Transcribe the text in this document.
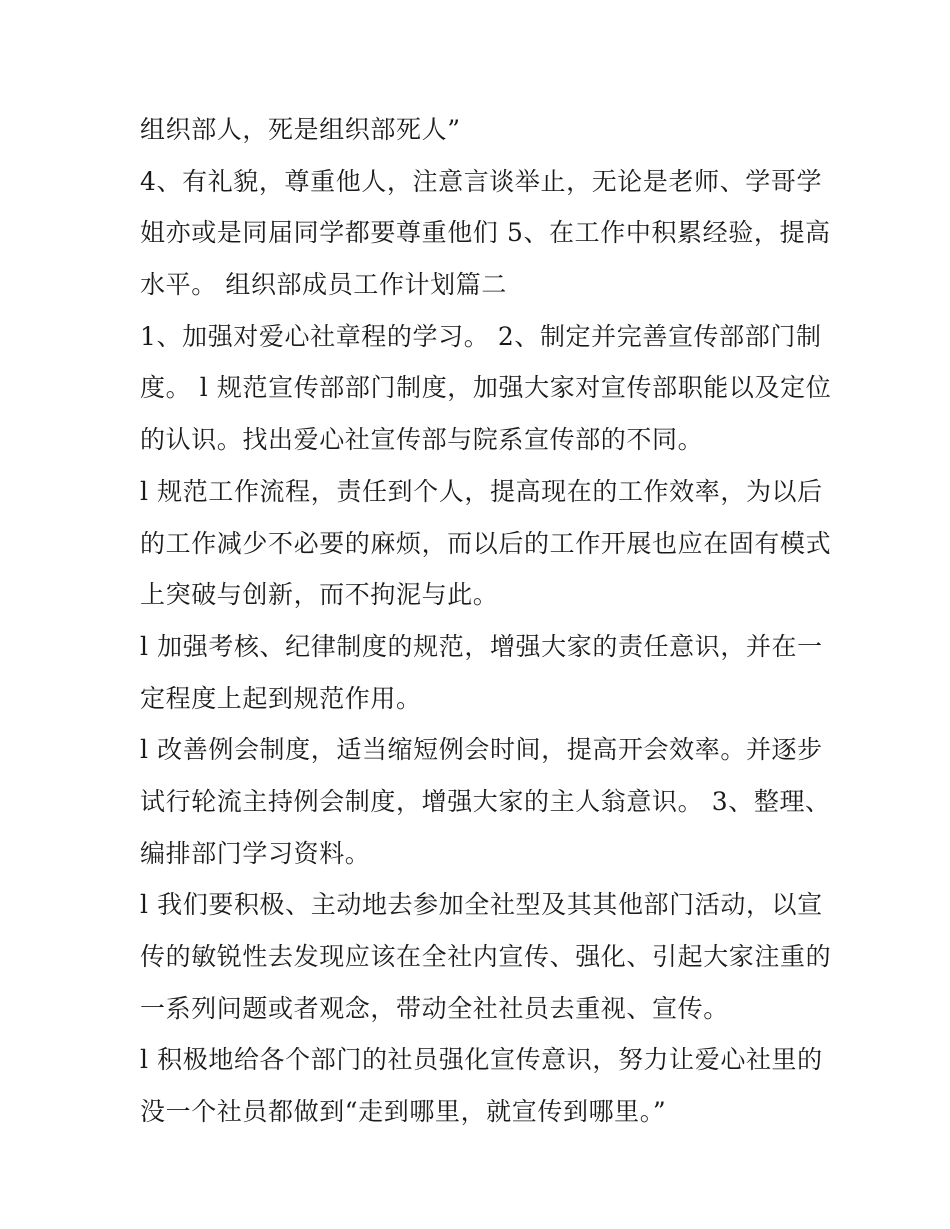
组织部人，死是组织部死人”
4、有礼貌，尊重他人，注意言谈举止，无论是老师、学哥学
姐亦或是同届同学都要尊重他们 5、在工作中积累经验，提高
水平。 组织部成员工作计划篇二
1、加强对爱心社章程的学习。 2、制定并完善宣传部部门制
度。 l 规范宣传部部门制度，加强大家对宣传部职能以及定位
的认识。找出爱心社宣传部与院系宣传部的不同。
l 规范工作流程，责任到个人，提高现在的工作效率，为以后
的工作减少不必要的麻烦，而以后的工作开展也应在固有模式
上突破与创新，而不拘泥与此。
l 加强考核、纪律制度的规范，增强大家的责任意识，并在一
定程度上起到规范作用。
l 改善例会制度，适当缩短例会时间，提高开会效率。并逐步
试行轮流主持例会制度，增强大家的主人翁意识。 3、整理、
编排部门学习资料。
l 我们要积极、主动地去参加全社型及其其他部门活动，以宣
传的敏锐性去发现应该在全社内宣传、强化、引起大家注重的
一系列问题或者观念，带动全社社员去重视、宣传。
l 积极地给各个部门的社员强化宣传意识，努力让爱心社里的
没一个社员都做到“走到哪里，就宣传到哪里。”
